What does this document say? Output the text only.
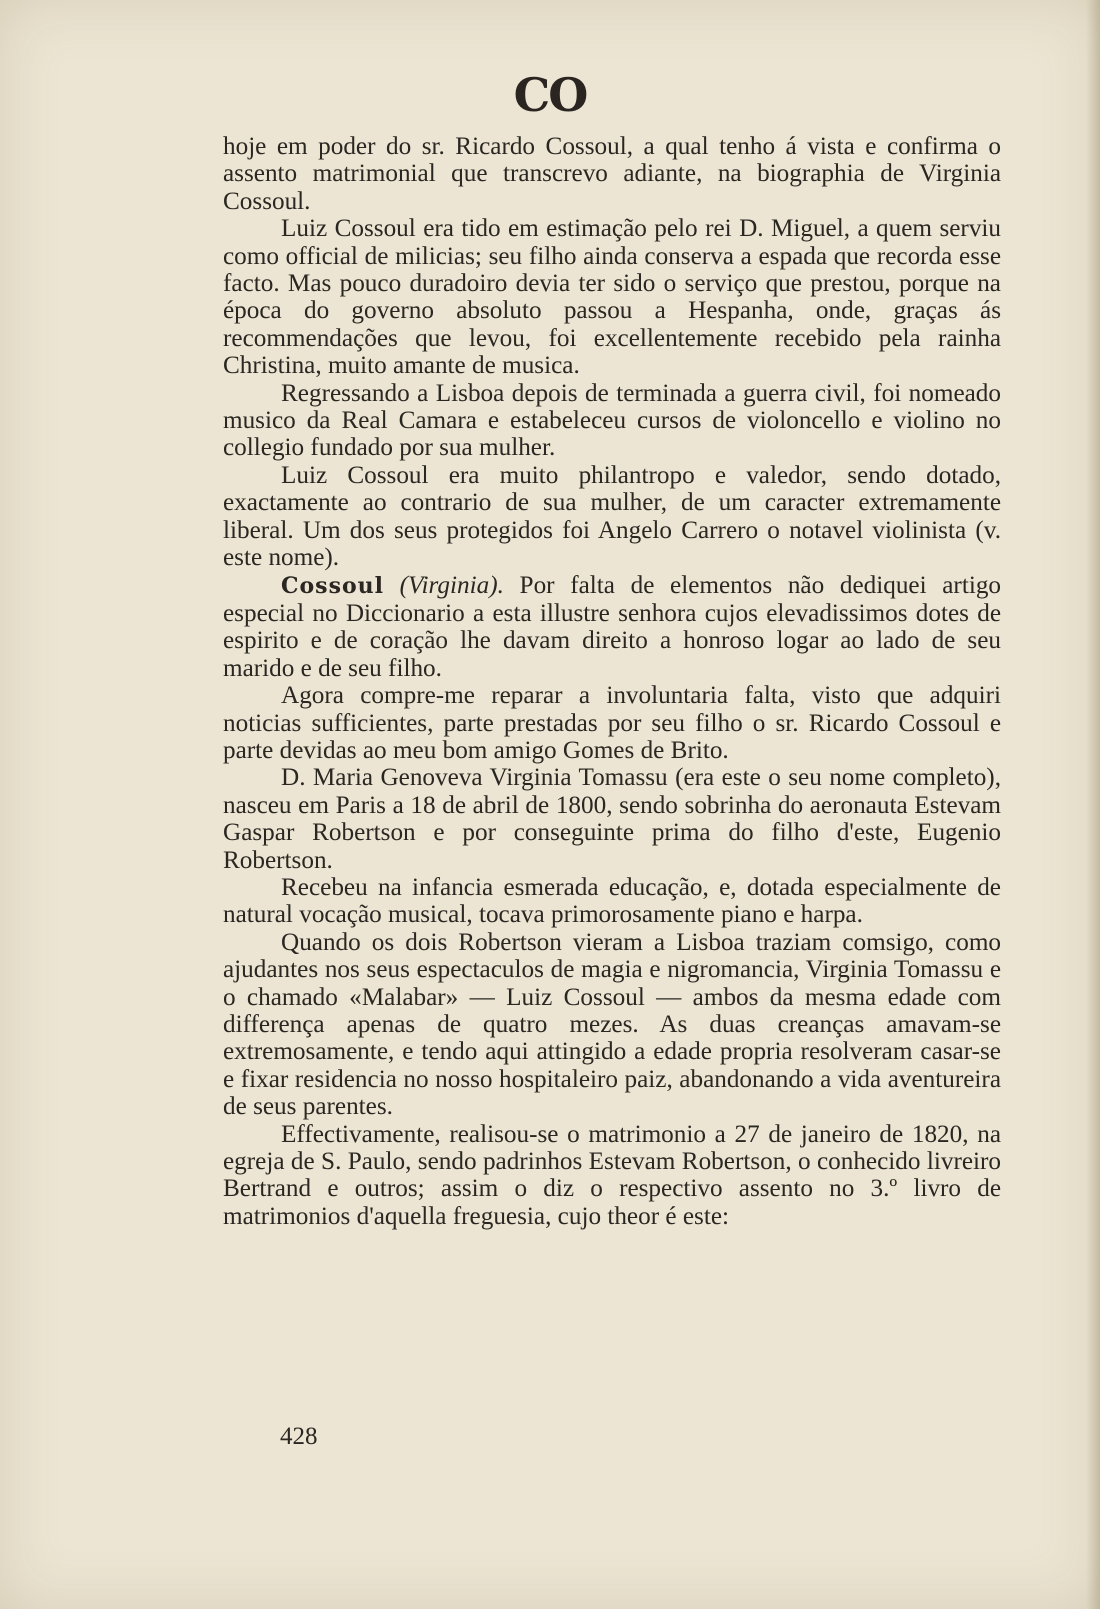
CO

hoje em poder do sr. Ricardo Cossoul, a qual tenho á vista e confirma o assento matrimonial que transcrevo adiante, na biographia de Virginia Cossoul.

Luiz Cossoul era tido em estimação pelo rei D. Miguel, a quem serviu como official de milicias; seu filho ainda conserva a espada que recorda esse facto. Mas pouco duradoiro devia ter sido o serviço que prestou, porque na época do governo absoluto passou a Hespanha, onde, graças ás recommendações que levou, foi excellentemente recebido pela rainha Christina, muito amante de musica.

Regressando a Lisboa depois de terminada a guerra civil, foi nomeado musico da Real Camara e estabeleceu cursos de violoncello e violino no collegio fundado por sua mulher.

Luiz Cossoul era muito philantropo e valedor, sendo dotado, exactamente ao contrario de sua mulher, de um caracter extremamente liberal. Um dos seus protegidos foi Angelo Carrero o notavel violinista (v. este nome).

Cossoul (Virginia). Por falta de elementos não dediquei artigo especial no Diccionario a esta illustre senhora cujos elevadissimos dotes de espirito e de coração lhe davam direito a honroso logar ao lado de seu marido e de seu filho.

Agora compre-me reparar a involuntaria falta, visto que adquiri noticias sufficientes, parte prestadas por seu filho o sr. Ricardo Cossoul e parte devidas ao meu bom amigo Gomes de Brito.

D. Maria Genoveva Virginia Tomassu (era este o seu nome completo), nasceu em Paris a 18 de abril de 1800, sendo sobrinha do aeronauta Estevam Gaspar Robertson e por conseguinte prima do filho d'este, Eugenio Robertson.

Recebeu na infancia esmerada educação, e, dotada especialmente de natural vocação musical, tocava primorosamente piano e harpa.

Quando os dois Robertson vieram a Lisboa traziam comsigo, como ajudantes nos seus espectaculos de magia e nigromancia, Virginia Tomassu e o chamado «Malabar» — Luiz Cossoul — ambos da mesma edade com differença apenas de quatro mezes. As duas creanças amavam-se extremosamente, e tendo aqui attingido a edade propria resolveram casar-se e fixar residencia no nosso hospitaleiro paiz, abandonando a vida aventureira de seus parentes.

Effectivamente, realisou-se o matrimonio a 27 de janeiro de 1820, na egreja de S. Paulo, sendo padrinhos Estevam Robertson, o conhecido livreiro Bertrand e outros; assim o diz o respectivo assento no 3.º livro de matrimonios d'aquella freguesia, cujo theor é este:

428
